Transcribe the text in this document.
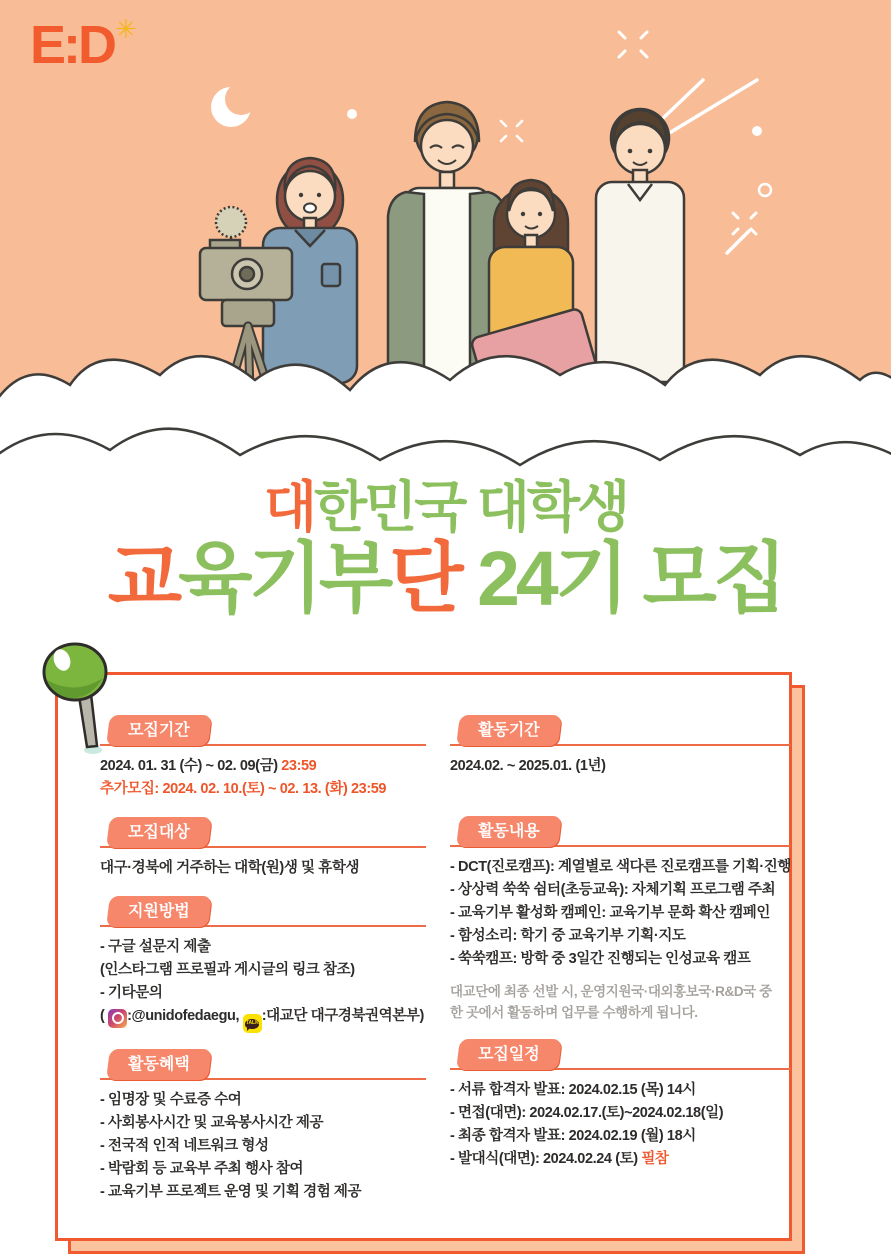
E:D ✳
대한민국 대학생
교육기부단 24기 모집
모집기간

2024. 01. 31 (수) ~ 02. 09(금) 23:59

추가모집: 2024. 02. 10.(토) ~ 02. 13. (화) 23:59

모집대상

대구·경북에 거주하는 대학(원)생 및 휴학생

지원방법

- 구글 설문지 제출

(인스타그램 프로필과 게시글의 링크 참조)

- 기타문의

(
:@unidofedaegu, TALK :대교단 대구경북권역본부)

활동혜택

- 임명장 및 수료증 수여

- 사회봉사시간 및 교육봉사시간 제공

- 전국적 인적 네트워크 형성

- 박람회 등 교육부 주최 행사 참여

- 교육기부 프로젝트 운영 및 기획 경험 제공

활동기간

2024.02. ~ 2025.01. (1년)

활동내용

- DCT(진로캠프): 계열별로 색다른 진로캠프를 기획·진행

- 상상력 쑥쑥 쉼터(초등교육): 자체기획 프로그램 주최

- 교육기부 활성화 캠페인: 교육기부 문화 확산 캠페인

- 함성소리: 학기 중 교육기부 기획·지도

- 쑥쑥캠프: 방학 중 3일간 진행되는 인성교육 캠프

대교단에 최종 선발 시, 운영지원국·대외홍보국·R&D국 중

한 곳에서 활동하며 업무를 수행하게 됩니다.

모집일정

- 서류 합격자 발표: 2024.02.15 (목) 14시

- 면접(대면): 2024.02.17.(토)~2024.02.18(일)

- 최종 합격자 발표: 2024.02.19 (월) 18시

- 발대식(대면): 2024.02.24 (토) 필참
